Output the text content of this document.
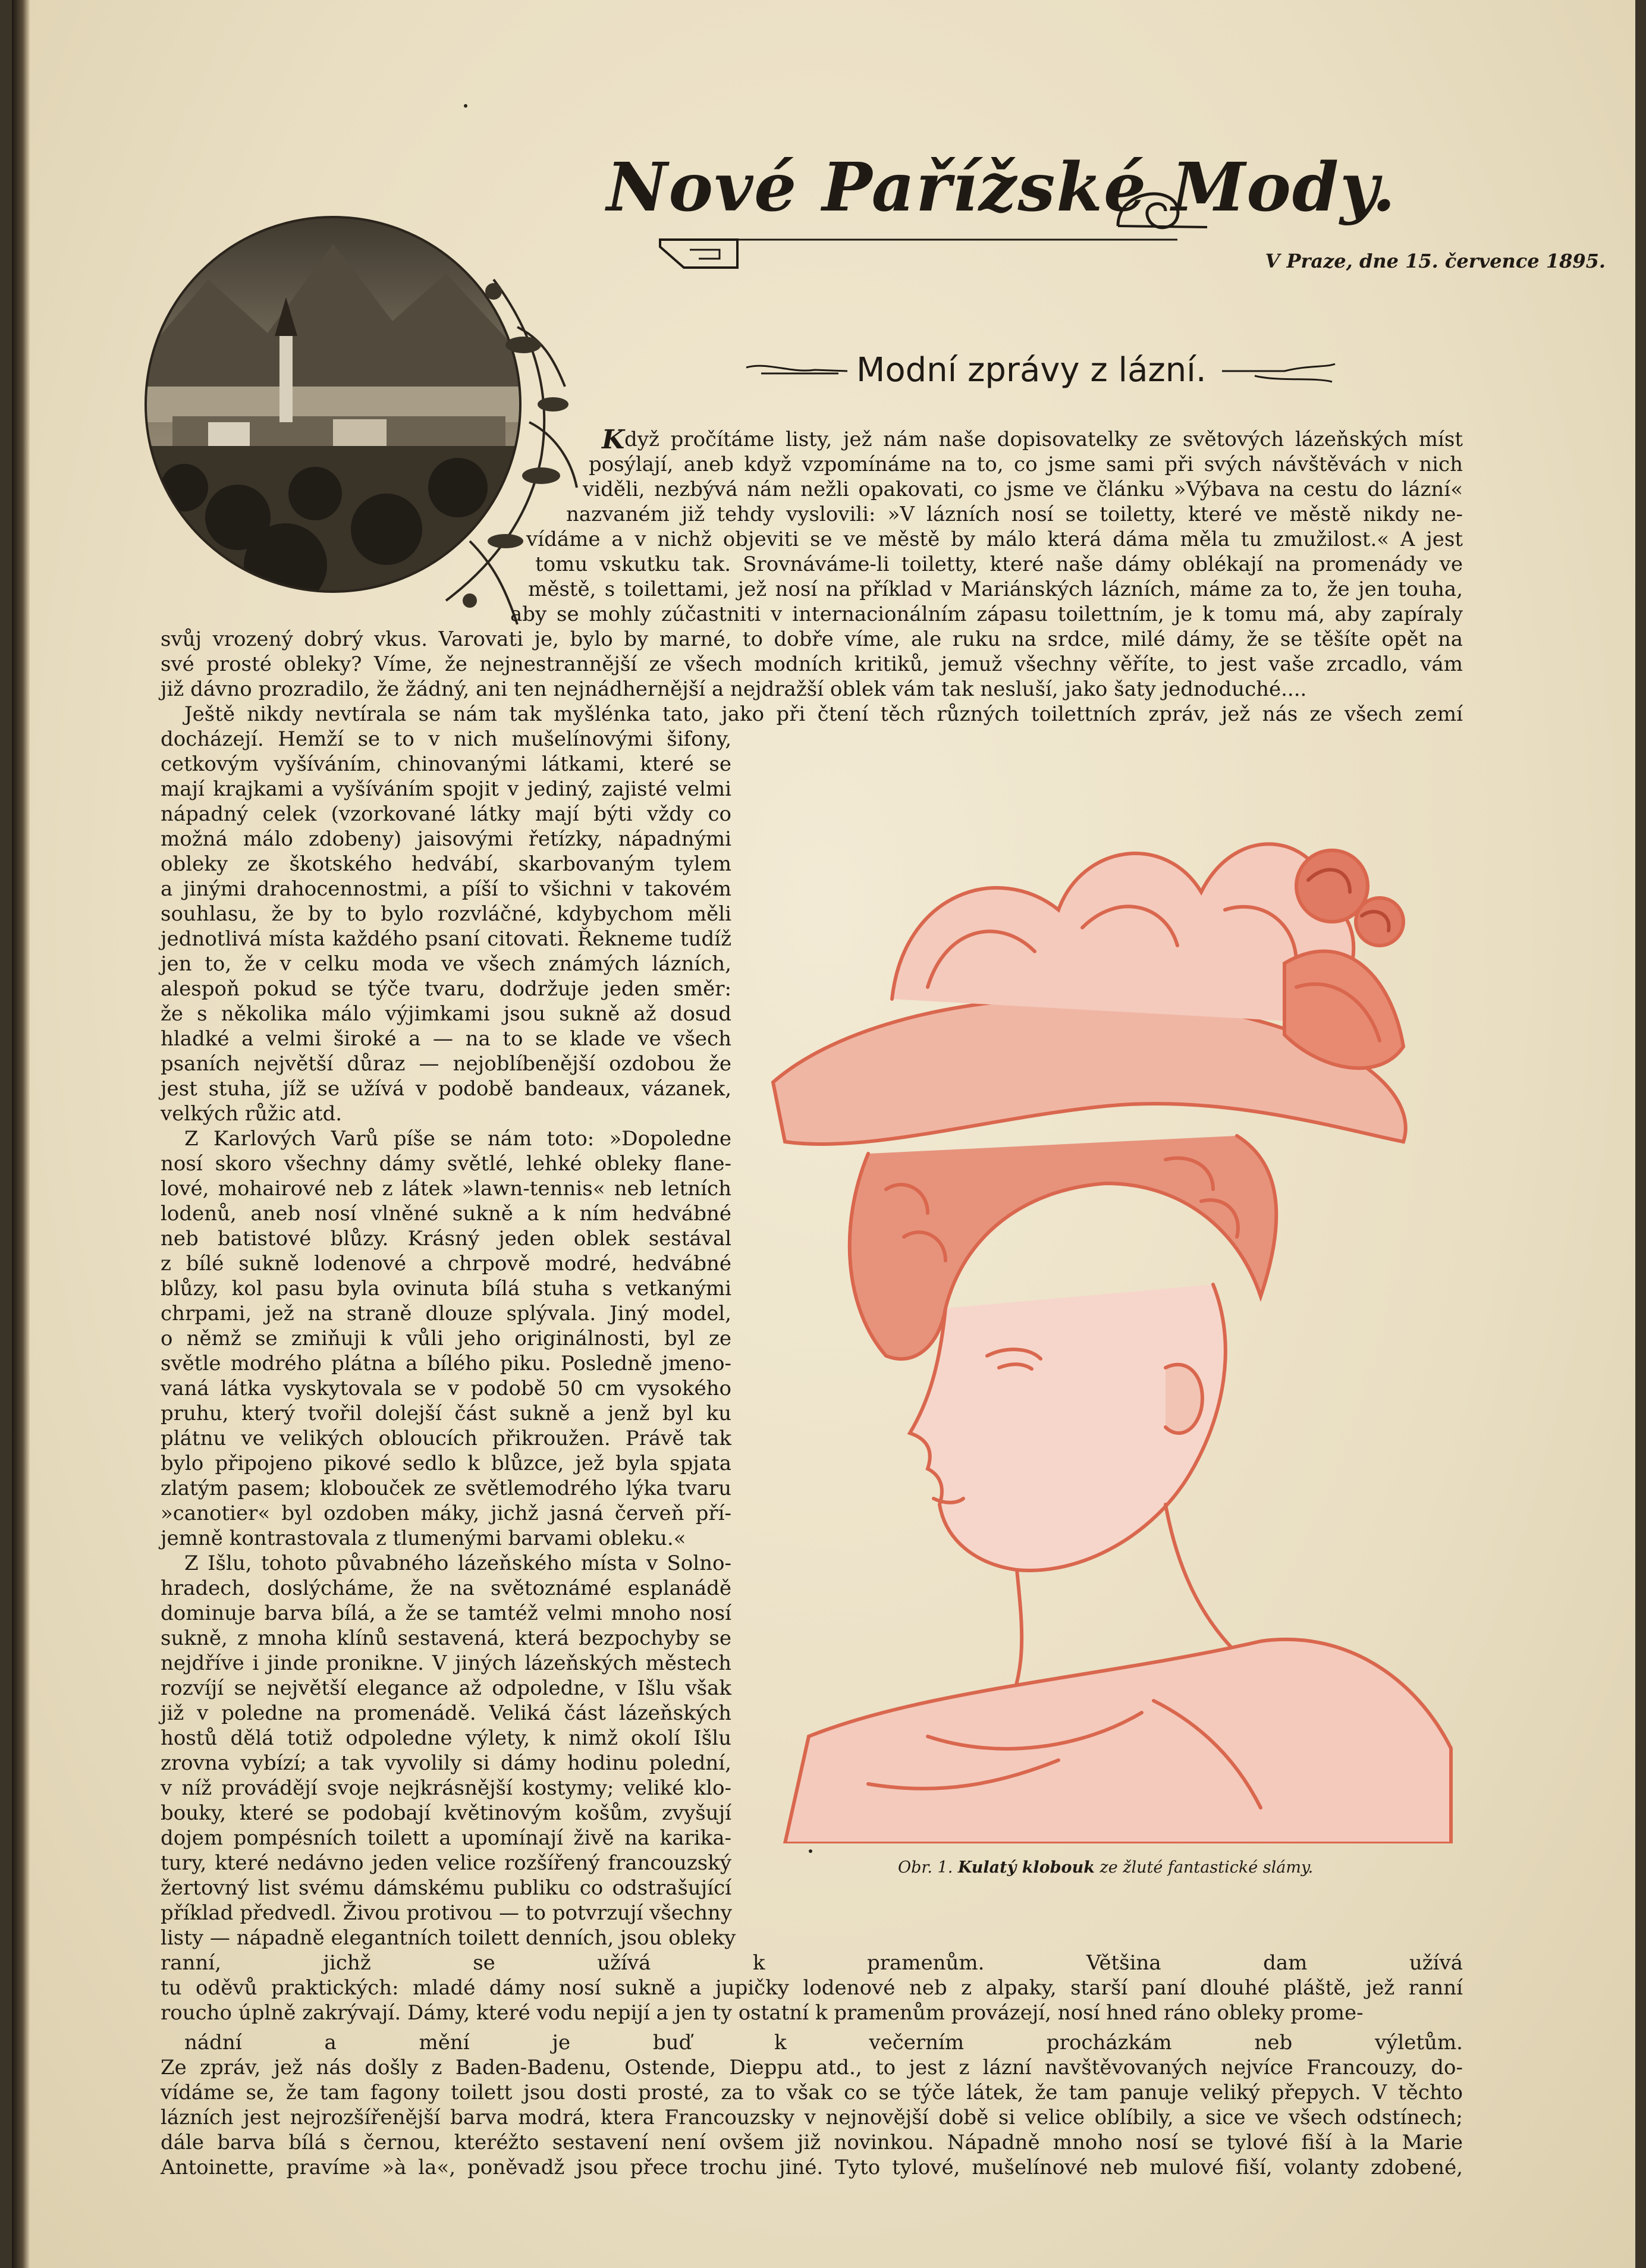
Nové Pařížské Mody.
V Praze, dne 15. července 1895.
Modní zprávy z lázní.
Obr. 1. Kulatý klobouk ze žluté fantastické slámy.
K dyž pročítáme listy, jež nám naše dopisovatelky ze světových lázeňských míst
posýlají, aneb když vzpomínáme na to, co jsme sami při svých návštěvách v nich
viděli, nezbývá nám nežli opakovati, co jsme ve článku »Výbava na cestu do lázní«
nazvaném již tehdy vyslovili: »V lázních nosí se toiletty, které ve městě nikdy ne-
vídáme a v nichž objeviti se ve městě by málo která dáma měla tu zmužilost.« A jest
tomu vskutku tak. Srovnáváme-li toiletty, které naše dámy oblékají na promenády ve
městě, s toilettami, jež nosí na příklad v Mariánských lázních, máme za to, že jen touha,
aby se mohly zúčastniti v internacionálním zápasu toilettním, je k tomu má, aby zapíraly
svůj vrozený dobrý vkus. Varovati je, bylo by marné, to dobře víme, ale ruku na srdce, milé dámy, že se těšíte opět na
své prosté obleky? Víme, že nejnestrannější ze všech modních kritiků, jemuž všechny věříte, to jest vaše zrcadlo, vám
již dávno prozradilo, že žádný, ani ten nejnádhernější a nejdražší oblek vám tak nesluší, jako šaty jednoduché....
Ještě nikdy nevtírala se nám tak myšlénka tato, jako při čtení těch různých toilettních zpráv, jež nás ze všech zemí
docházejí. Hemží se to v nich mušelínovými šifony,
cetkovým vyšíváním, chinovanými látkami, které se
mají krajkami a vyšíváním spojit v jediný, zajisté velmi
nápadný celek (vzorkované látky mají býti vždy co
možná málo zdobeny) jaisovými řetízky, nápadnými
obleky ze škotského hedvábí, skarbovaným tylem
a jinými drahocennostmi, a píší to všichni v takovém
souhlasu, že by to bylo rozvláčné, kdybychom měli
jednotlivá místa každého psaní citovati. Řekneme tudíž
jen to, že v celku moda ve všech známých lázních,
alespoň pokud se týče tvaru, dodržuje jeden směr:
že s několika málo výjimkami jsou sukně až dosud
hladké a velmi široké a — na to se klade ve všech
psaních největší důraz — nejoblíbenější ozdobou že
jest stuha, jíž se užívá v podobě bandeaux, vázanek,
velkých růžic atd.
Z Karlových Varů píše se nám toto: »Dopoledne
nosí skoro všechny dámy světlé, lehké obleky flane-
lové, mohairové neb z látek »lawn-tennis« neb letních
lodenů, aneb nosí vlněné sukně a k ním hedvábné
neb batistové blůzy. Krásný jeden oblek sestával
z bílé sukně lodenové a chrpově modré, hedvábné
blůzy, kol pasu byla ovinuta bílá stuha s vetkanými
chrpami, jež na straně dlouze splývala. Jiný model,
o němž se zmiňuji k vůli jeho originálnosti, byl ze
světle modrého plátna a bílého piku. Posledně jmeno-
vaná látka vyskytovala se v podobě 50 cm vysokého
pruhu, který tvořil dolejší část sukně a jenž byl ku
plátnu ve velikých obloucích přikroužen. Právě tak
bylo připojeno pikové sedlo k blůzce, jež byla spjata
zlatým pasem; klobouček ze světlemodrého lýka tvaru
»canotier« byl ozdoben máky, jichž jasná červeň pří-
jemně kontrastovala z tlumenými barvami obleku.«
Z Išlu, tohoto půvabného lázeňského místa v Solno-
hradech, doslýcháme, že na světoznámé esplanádě
dominuje barva bílá, a že se tamtéž velmi mnoho nosí
sukně, z mnoha klínů sestavená, která bezpochyby se
nejdříve i jinde pronikne. V jiných lázeňských městech
rozvíjí se největší elegance až odpoledne, v Išlu však
již v poledne na promenádě. Veliká část lázeňských
hostů dělá totiž odpoledne výlety, k nimž okolí Išlu
zrovna vybízí; a tak vyvolily si dámy hodinu polední,
v níž provádějí svoje nejkrásnější kostymy; veliké klo-
bouky, které se podobají květinovým košům, zvyšují
dojem pompésních toilett a upomínají živě na karika-
tury, které nedávno jeden velice rozšířený francouzský
žertovný list svému dámskému publiku co odstrašující
příklad předvedl. Živou protivou — to potvrzují všechny
listy — nápadně elegantních toilett denních, jsou obleky
ranní, jichž se užívá k pramenům. Většina dam užívá
tu oděvů praktických: mladé dámy nosí sukně a jupičky lodenové neb z alpaky, starší paní dlouhé pláště, jež ranní
roucho úplně zakrývají. Dámy, které vodu nepijí a jen ty ostatní k pramenům provázejí, nosí hned ráno obleky prome-
nádní a mění je buď k večerním procházkám neb výletům.
Ze zpráv, jež nás došly z Baden-Badenu, Ostende, Dieppu atd., to jest z lázní navštěvovaných nejvíce Francouzy, do-
vídáme se, že tam fagony toilett jsou dosti prosté, za to však co se týče látek, že tam panuje veliký přepych. V těchto
lázních jest nejrozšířenější barva modrá, ktera Francouzsky v nejnovější době si velice oblíbily, a sice ve všech odstínech;
dále barva bílá s černou, kteréžto sestavení není ovšem již novinkou. Nápadně mnoho nosí se tylové fiší à la Marie
Antoinette, pravíme »à la«, poněvadž jsou přece trochu jiné. Tyto tylové, mušelínové neb mulové fiší, volanty zdobené,
